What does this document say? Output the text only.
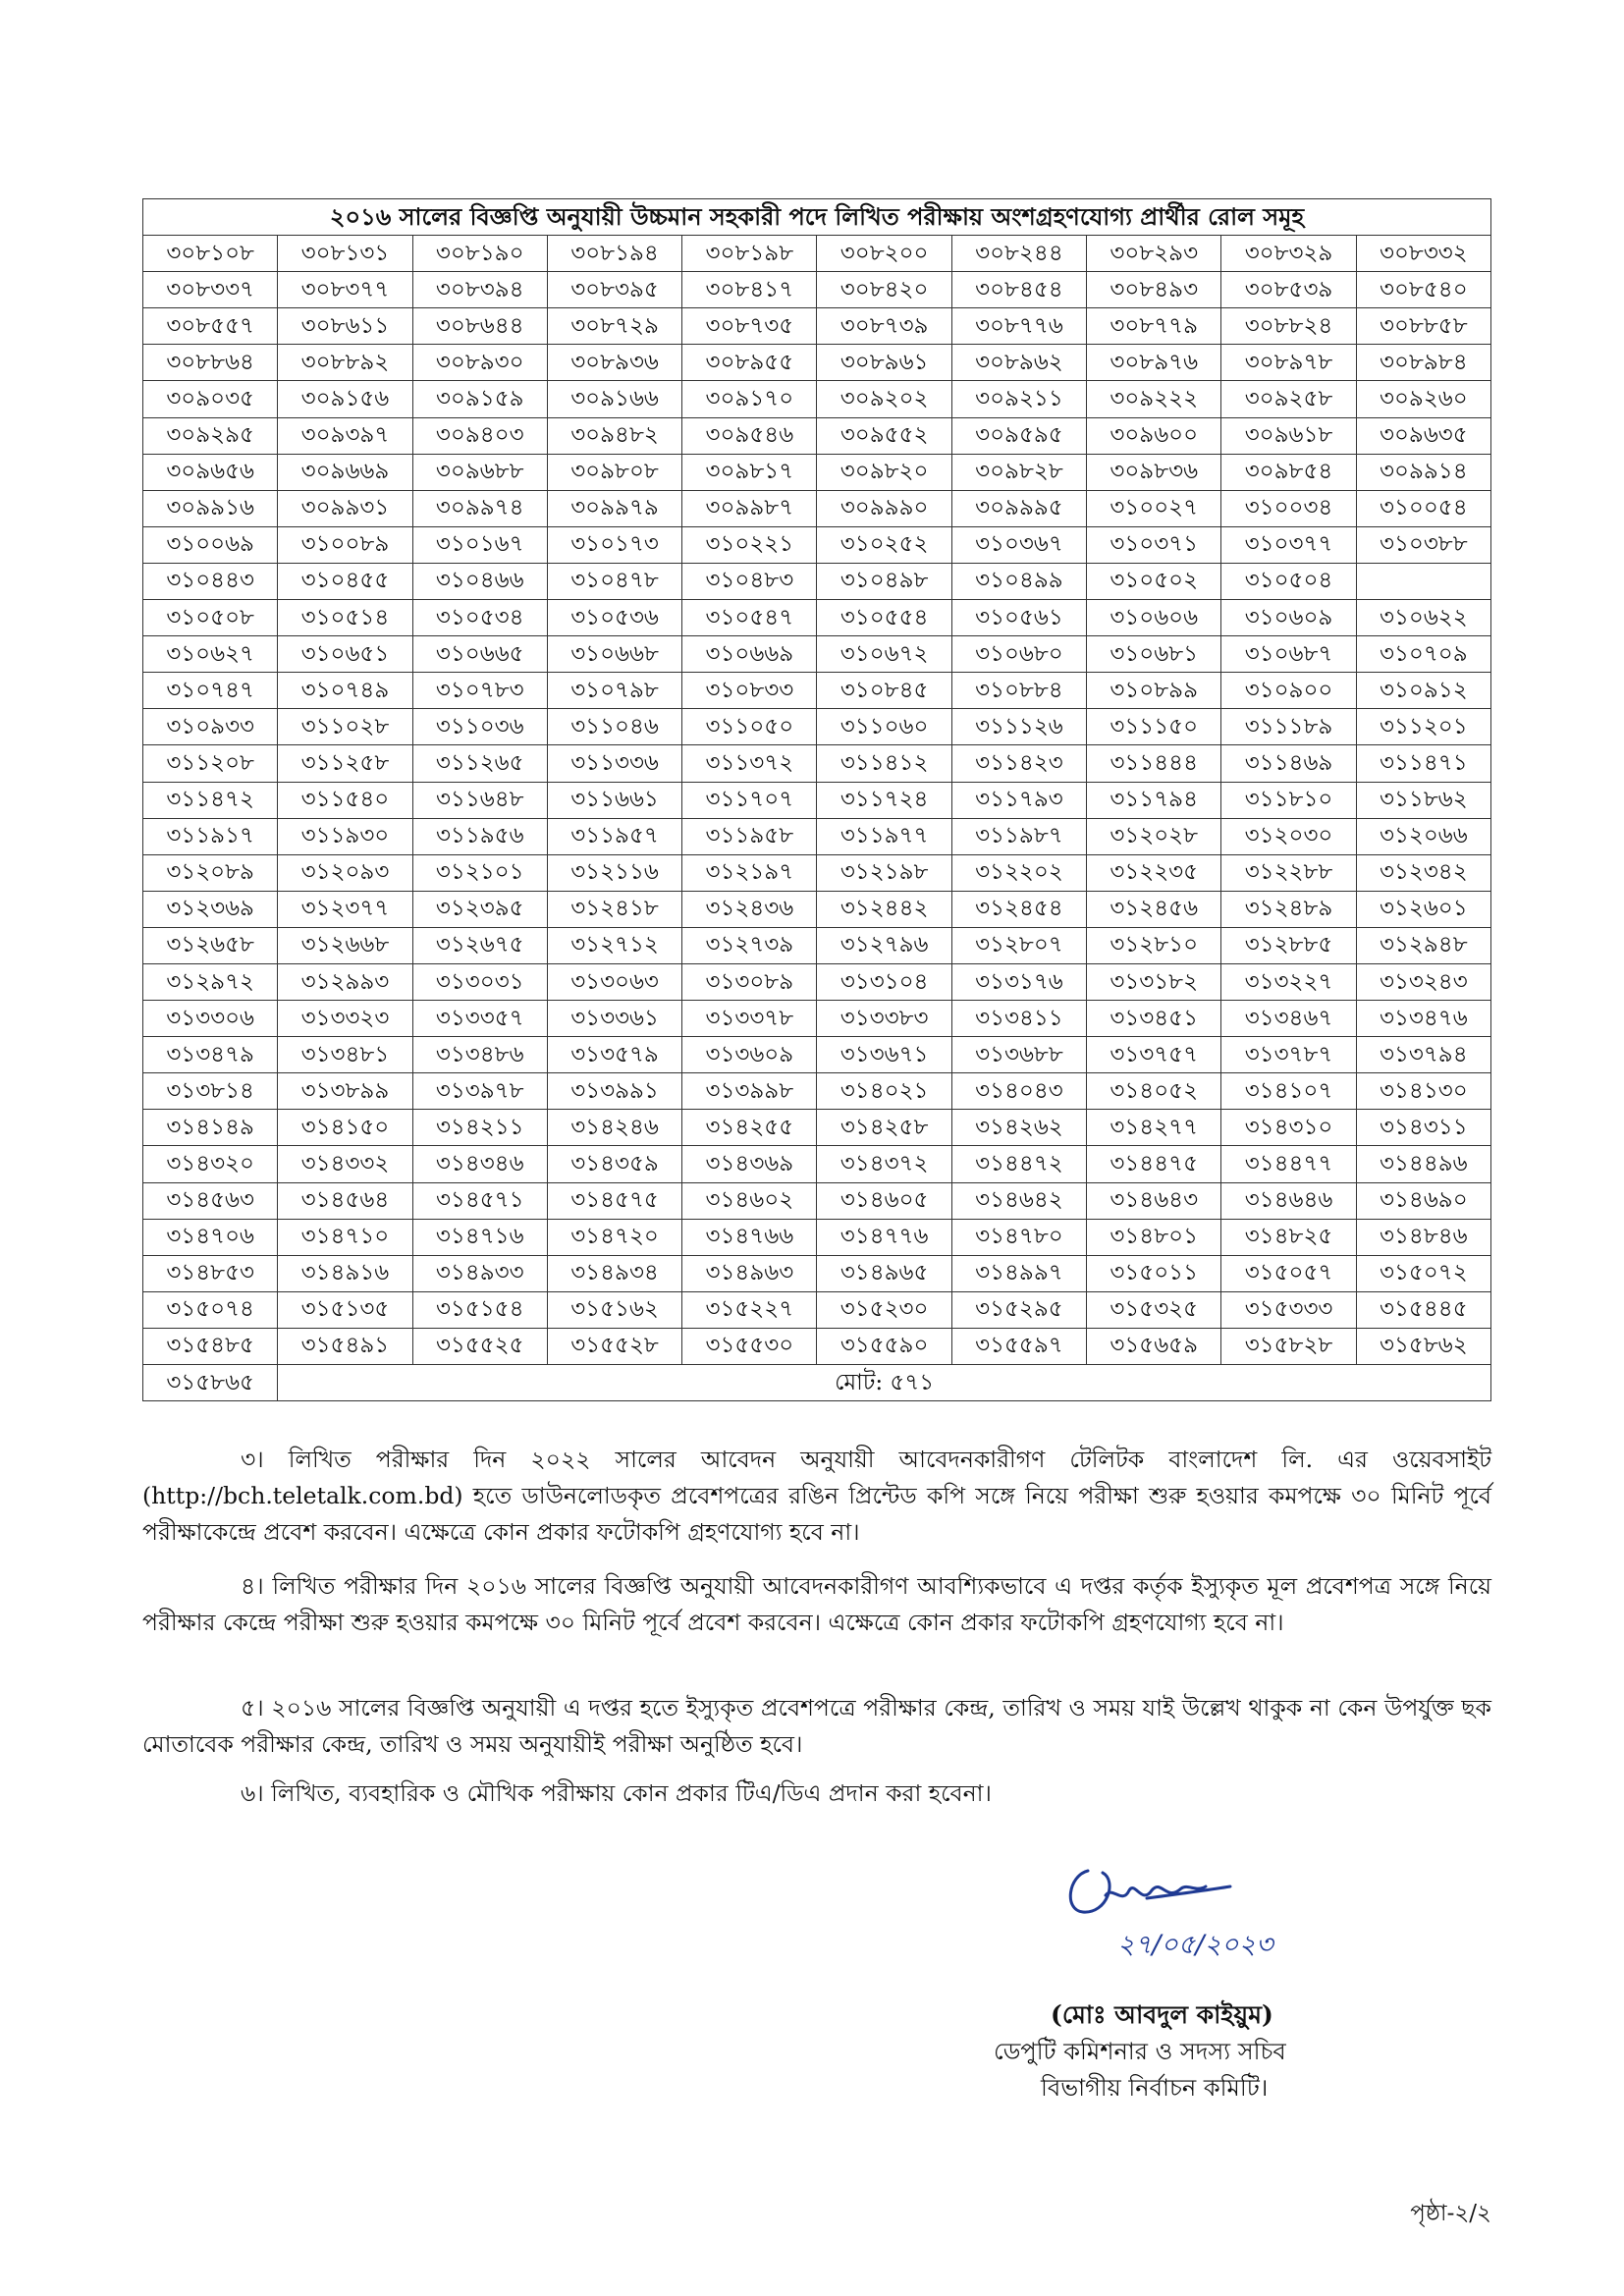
২০১৬ সালের বিজ্ঞপ্তি অনুযায়ী উচ্চমান সহকারী পদে লিখিত পরীক্ষায় অংশগ্রহণযোগ্য প্রার্থীর রোল সমূহ									
৩০৮১০৮	৩০৮১৩১	৩০৮১৯০	৩০৮১৯৪	৩০৮১৯৮	৩০৮২০০	৩০৮২৪৪	৩০৮২৯৩	৩০৮৩২৯	৩০৮৩৩২
৩০৮৩৩৭	৩০৮৩৭৭	৩০৮৩৯৪	৩০৮৩৯৫	৩০৮৪১৭	৩০৮৪২০	৩০৮৪৫৪	৩০৮৪৯৩	৩০৮৫৩৯	৩০৮৫৪০
৩০৮৫৫৭	৩০৮৬১১	৩০৮৬৪৪	৩০৮৭২৯	৩০৮৭৩৫	৩০৮৭৩৯	৩০৮৭৭৬	৩০৮৭৭৯	৩০৮৮২৪	৩০৮৮৫৮
৩০৮৮৬৪	৩০৮৮৯২	৩০৮৯৩০	৩০৮৯৩৬	৩০৮৯৫৫	৩০৮৯৬১	৩০৮৯৬২	৩০৮৯৭৬	৩০৮৯৭৮	৩০৮৯৮৪
৩০৯০৩৫	৩০৯১৫৬	৩০৯১৫৯	৩০৯১৬৬	৩০৯১৭০	৩০৯২০২	৩০৯২১১	৩০৯২২২	৩০৯২৫৮	৩০৯২৬০
৩০৯২৯৫	৩০৯৩৯৭	৩০৯৪০৩	৩০৯৪৮২	৩০৯৫৪৬	৩০৯৫৫২	৩০৯৫৯৫	৩০৯৬০০	৩০৯৬১৮	৩০৯৬৩৫
৩০৯৬৫৬	৩০৯৬৬৯	৩০৯৬৮৮	৩০৯৮০৮	৩০৯৮১৭	৩০৯৮২০	৩০৯৮২৮	৩০৯৮৩৬	৩০৯৮৫৪	৩০৯৯১৪
৩০৯৯১৬	৩০৯৯৩১	৩০৯৯৭৪	৩০৯৯৭৯	৩০৯৯৮৭	৩০৯৯৯০	৩০৯৯৯৫	৩১০০২৭	৩১০০৩৪	৩১০০৫৪
৩১০০৬৯	৩১০০৮৯	৩১০১৬৭	৩১০১৭৩	৩১০২২১	৩১০২৫২	৩১০৩৬৭	৩১০৩৭১	৩১০৩৭৭	৩১০৩৮৮
৩১০৪৪৩	৩১০৪৫৫	৩১০৪৬৬	৩১০৪৭৮	৩১০৪৮৩	৩১০৪৯৮	৩১০৪৯৯	৩১০৫০২	৩১০৫০৪	
৩১০৫০৮	৩১০৫১৪	৩১০৫৩৪	৩১০৫৩৬	৩১০৫৪৭	৩১০৫৫৪	৩১০৫৬১	৩১০৬০৬	৩১০৬০৯	৩১০৬২২
৩১০৬২৭	৩১০৬৫১	৩১০৬৬৫	৩১০৬৬৮	৩১০৬৬৯	৩১০৬৭২	৩১০৬৮০	৩১০৬৮১	৩১০৬৮৭	৩১০৭০৯
৩১০৭৪৭	৩১০৭৪৯	৩১০৭৮৩	৩১০৭৯৮	৩১০৮৩৩	৩১০৮৪৫	৩১০৮৮৪	৩১০৮৯৯	৩১০৯০০	৩১০৯১২
৩১০৯৩৩	৩১১০২৮	৩১১০৩৬	৩১১০৪৬	৩১১০৫০	৩১১০৬০	৩১১১২৬	৩১১১৫০	৩১১১৮৯	৩১১২০১
৩১১২০৮	৩১১২৫৮	৩১১২৬৫	৩১১৩৩৬	৩১১৩৭২	৩১১৪১২	৩১১৪২৩	৩১১৪৪৪	৩১১৪৬৯	৩১১৪৭১
৩১১৪৭২	৩১১৫৪০	৩১১৬৪৮	৩১১৬৬১	৩১১৭০৭	৩১১৭২৪	৩১১৭৯৩	৩১১৭৯৪	৩১১৮১০	৩১১৮৬২
৩১১৯১৭	৩১১৯৩০	৩১১৯৫৬	৩১১৯৫৭	৩১১৯৫৮	৩১১৯৭৭	৩১১৯৮৭	৩১২০২৮	৩১২০৩০	৩১২০৬৬
৩১২০৮৯	৩১২০৯৩	৩১২১০১	৩১২১১৬	৩১২১৯৭	৩১২১৯৮	৩১২২০২	৩১২২৩৫	৩১২২৮৮	৩১২৩৪২
৩১২৩৬৯	৩১২৩৭৭	৩১২৩৯৫	৩১২৪১৮	৩১২৪৩৬	৩১২৪৪২	৩১২৪৫৪	৩১২৪৫৬	৩১২৪৮৯	৩১২৬০১
৩১২৬৫৮	৩১২৬৬৮	৩১২৬৭৫	৩১২৭১২	৩১২৭৩৯	৩১২৭৯৬	৩১২৮০৭	৩১২৮১০	৩১২৮৮৫	৩১২৯৪৮
৩১২৯৭২	৩১২৯৯৩	৩১৩০৩১	৩১৩০৬৩	৩১৩০৮৯	৩১৩১০৪	৩১৩১৭৬	৩১৩১৮২	৩১৩২২৭	৩১৩২৪৩
৩১৩৩০৬	৩১৩৩২৩	৩১৩৩৫৭	৩১৩৩৬১	৩১৩৩৭৮	৩১৩৩৮৩	৩১৩৪১১	৩১৩৪৫১	৩১৩৪৬৭	৩১৩৪৭৬
৩১৩৪৭৯	৩১৩৪৮১	৩১৩৪৮৬	৩১৩৫৭৯	৩১৩৬০৯	৩১৩৬৭১	৩১৩৬৮৮	৩১৩৭৫৭	৩১৩৭৮৭	৩১৩৭৯৪
৩১৩৮১৪	৩১৩৮৯৯	৩১৩৯৭৮	৩১৩৯৯১	৩১৩৯৯৮	৩১৪০২১	৩১৪০৪৩	৩১৪০৫২	৩১৪১০৭	৩১৪১৩০
৩১৪১৪৯	৩১৪১৫০	৩১৪২১১	৩১৪২৪৬	৩১৪২৫৫	৩১৪২৫৮	৩১৪২৬২	৩১৪২৭৭	৩১৪৩১০	৩১৪৩১১
৩১৪৩২০	৩১৪৩৩২	৩১৪৩৪৬	৩১৪৩৫৯	৩১৪৩৬৯	৩১৪৩৭২	৩১৪৪৭২	৩১৪৪৭৫	৩১৪৪৭৭	৩১৪৪৯৬
৩১৪৫৬৩	৩১৪৫৬৪	৩১৪৫৭১	৩১৪৫৭৫	৩১৪৬০২	৩১৪৬০৫	৩১৪৬৪২	৩১৪৬৪৩	৩১৪৬৪৬	৩১৪৬৯০
৩১৪৭০৬	৩১৪৭১০	৩১৪৭১৬	৩১৪৭২০	৩১৪৭৬৬	৩১৪৭৭৬	৩১৪৭৮০	৩১৪৮০১	৩১৪৮২৫	৩১৪৮৪৬
৩১৪৮৫৩	৩১৪৯১৬	৩১৪৯৩৩	৩১৪৯৩৪	৩১৪৯৬৩	৩১৪৯৬৫	৩১৪৯৯৭	৩১৫০১১	৩১৫০৫৭	৩১৫০৭২
৩১৫০৭৪	৩১৫১৩৫	৩১৫১৫৪	৩১৫১৬২	৩১৫২২৭	৩১৫২৩০	৩১৫২৯৫	৩১৫৩২৫	৩১৫৩৩৩	৩১৫৪৪৫
৩১৫৪৮৫	৩১৫৪৯১	৩১৫৫২৫	৩১৫৫২৮	৩১৫৫৩০	৩১৫৫৯০	৩১৫৫৯৭	৩১৫৬৫৯	৩১৫৮২৮	৩১৫৮৬২
৩১৫৮৬৫	মোট: ৫৭১								

৩। লিখিত পরীক্ষার দিন ২০২২ সালের আবেদন অনুযায়ী আবেদনকারীগণ টেলিটক বাংলাদেশ লি. এর ওয়েবসাইট (http://bch.teletalk.com.bd) হতে ডাউনলোডকৃত প্রবেশপত্রের রঙিন প্রিন্টেড কপি সঙ্গে নিয়ে পরীক্ষা শুরু হওয়ার কমপক্ষে ৩০ মিনিট পূর্বে পরীক্ষাকেন্দ্রে প্রবেশ করবেন। এক্ষেত্রে কোন প্রকার ফটোকপি গ্রহণযোগ্য হবে না।

৪। লিখিত পরীক্ষার দিন ২০১৬ সালের বিজ্ঞপ্তি অনুযায়ী আবেদনকারীগণ আবশ্যিকভাবে এ দপ্তর কর্তৃক ইস্যুকৃত মূল প্রবেশপত্র সঙ্গে নিয়ে পরীক্ষার কেন্দ্রে পরীক্ষা শুরু হওয়ার কমপক্ষে ৩০ মিনিট পূর্বে প্রবেশ করবেন। এক্ষেত্রে কোন প্রকার ফটোকপি গ্রহণযোগ্য হবে না।

৫। ২০১৬ সালের বিজ্ঞপ্তি অনুযায়ী এ দপ্তর হতে ইস্যুকৃত প্রবেশপত্রে পরীক্ষার কেন্দ্র, তারিখ ও সময় যাই উল্লেখ থাকুক না কেন উপর্যুক্ত ছক মোতাবেক পরীক্ষার কেন্দ্র, তারিখ ও সময় অনুযায়ীই পরীক্ষা অনুষ্ঠিত হবে।

৬। লিখিত, ব্যবহারিক ও মৌখিক পরীক্ষায় কোন প্রকার টিএ/ডিএ প্রদান করা হবেনা।

২৭/০৫/২০২৩
(মোঃ আবদুল কাইয়ুম)
ডেপুটি কমিশনার ও সদস্য সচিব
বিভাগীয় নির্বাচন কমিটি।
পৃষ্ঠা-২/২
